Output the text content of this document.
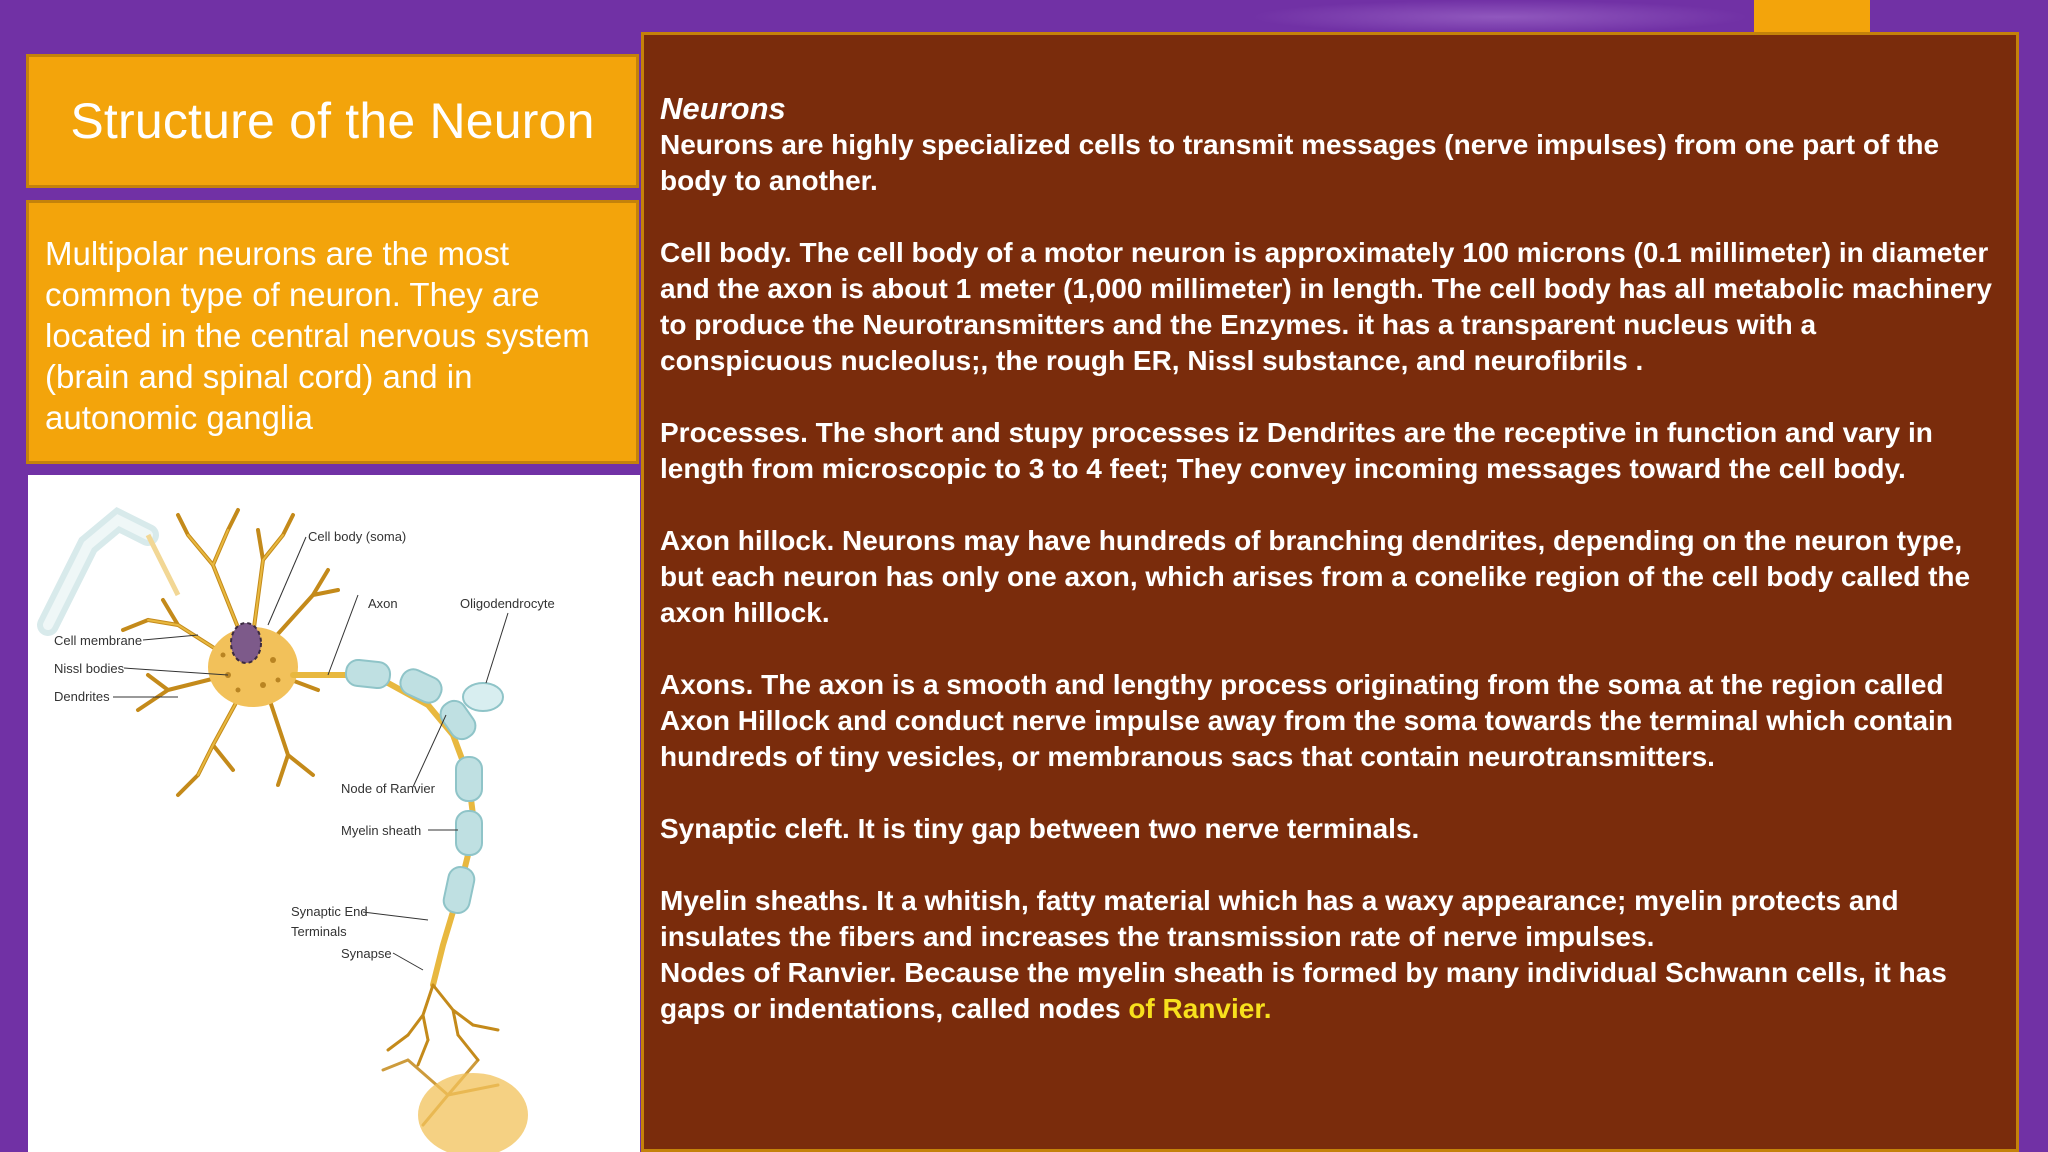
Structure of the Neuron

Multipolar neurons are the most common type of neuron. They are located in the central nervous system (brain and spinal cord) and in autonomic ganglia

Cell body (soma)
Axon	Oligodendrocyte
Cell membrane
Nissl bodies
Dendrites
Node of Ranvier
Myelin sheath
Synaptic End
Terminals
Synapse

Neurons

Neurons are highly specialized cells to transmit messages (nerve impulses) from one part of the body to another.

Cell body. The cell body of a motor neuron is approximately 100 microns (0.1 millimeter) in diameter and the axon is about 1 meter (1,000 millimeter) in length. The cell body has all metabolic machinery to produce the Neurotransmitters and the Enzymes. it has a transparent nucleus with a conspicuous nucleolus;, the rough ER, Nissl substance, and neurofibrils .

Processes. The short and stupy processes iz Dendrites are the receptive in function and vary in length from microscopic to 3 to 4 feet; They convey incoming messages toward the cell body.

Axon hillock. Neurons may have hundreds of branching dendrites, depending on the neuron type, but each neuron has only one axon, which arises from a conelike region of the cell body called the axon hillock.

Axons. The axon is a smooth and lengthy process originating from the soma at the region called Axon Hillock and conduct nerve impulse away from the soma towards the terminal which contain hundreds of tiny vesicles, or membranous sacs that contain neurotransmitters.

Synaptic cleft. It is tiny gap between two nerve terminals.

Myelin sheaths. It a whitish, fatty material which has a waxy appearance; myelin protects and insulates the fibers and increases the transmission rate of nerve impulses.

Nodes of Ranvier. Because the myelin sheath is formed by many individual Schwann cells, it has gaps or indentations, called nodes of Ranvier.
